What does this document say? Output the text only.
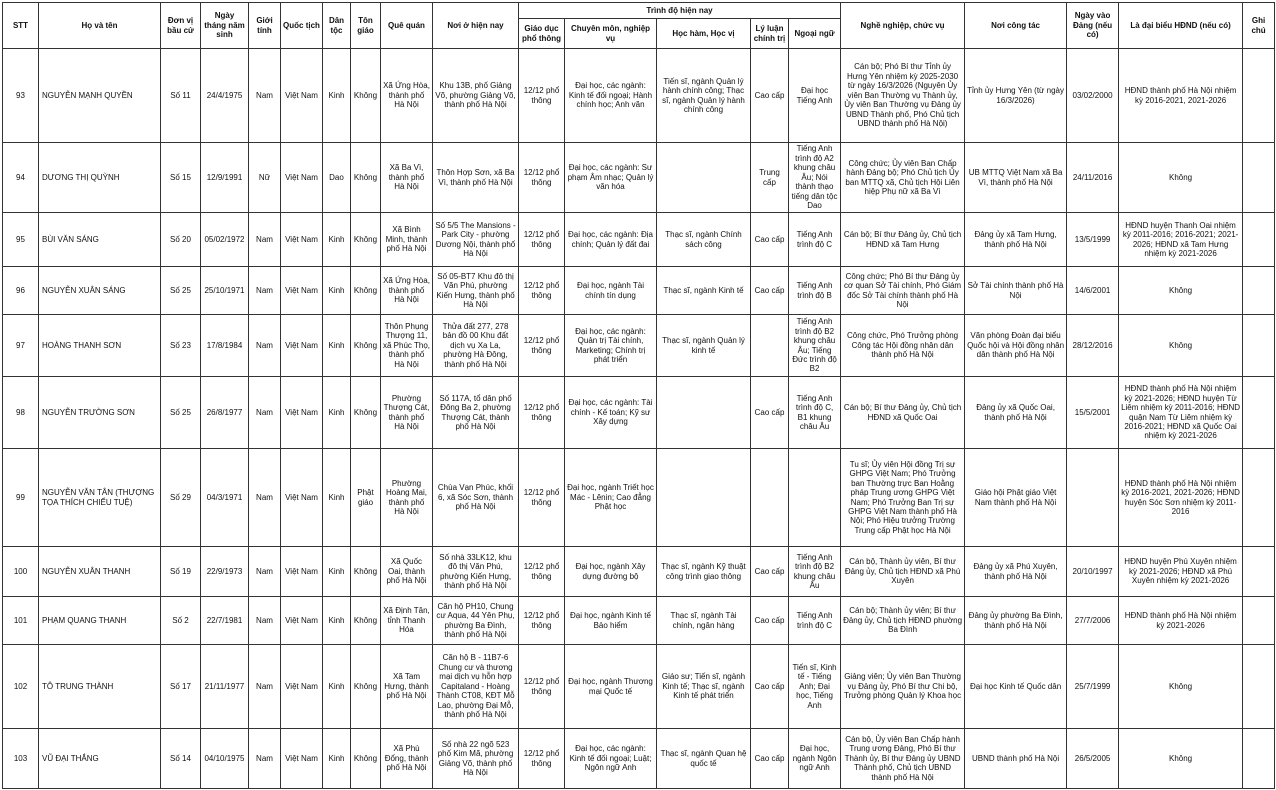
STT	Họ và tên	Đơn vị bầu cử	Ngày tháng năm sinh	Giới tính	Quốc tịch	Dân tộc	Tôn giáo	Quê quán	Nơi ở hiện nay	Trình độ hiện nay					Nghề nghiệp, chức vụ	Nơi công tác	Ngày vào Đảng (nếu có)	Là đại biểu HĐND (nếu có)	Ghi chú
										Giáo dục phổ thông	Chuyên môn, nghiệp vụ	Học hàm, Học vị	Lý luận chính trị	Ngoại ngữ					
93	NGUYỄN MẠNH QUYỀN	Số 11	24/4/1975	Nam	Việt Nam	Kinh	Không	Xã Ứng Hòa, thành phố Hà Nội	Khu 13B, phố Giảng Võ, phường Giảng Võ, thành phố Hà Nội	12/12 phổ thông	Đại học, các ngành: Kinh tế đối ngoại; Hành chính học; Anh văn	Tiến sĩ, ngành Quản lý hành chính công; Thạc sĩ, ngành Quản lý hành chính công	Cao cấp	Đại học Tiếng Anh	Cán bộ; Phó Bí thư Tỉnh ủy Hưng Yên nhiệm kỳ 2025-2030 từ ngày 16/3/2026 (Nguyên Ủy viên Ban Thường vụ Thành ủy, Ủy viên Ban Thường vụ Đảng ủy UBND Thành phố, Phó Chủ tịch UBND thành phố Hà Nội)	Tỉnh ủy Hưng Yên (từ ngày 16/3/2026)	03/02/2000	HĐND thành phố Hà Nội nhiệm kỳ 2016-2021, 2021-2026	
94	DƯƠNG THỊ QUỲNH	Số 15	12/9/1991	Nữ	Việt Nam	Dao	Không	Xã Ba Vì, thành phố Hà Nội	Thôn Hợp Sơn, xã Ba Vì, thành phố Hà Nội	12/12 phổ thông	Đại học, các ngành: Sư phạm Âm nhạc; Quản lý văn hóa		Trung cấp	Tiếng Anh trình độ A2 khung châu Âu; Nói thành thạo tiếng dân tộc Dao	Công chức; Ủy viên Ban Chấp hành Đảng bộ; Phó Chủ tịch Ủy ban MTTQ xã, Chủ tịch Hội Liên hiệp Phụ nữ xã Ba Vì	UB MTTQ Việt Nam xã Ba Vì, thành phố Hà Nội	24/11/2016	Không	
95	BÙI VĂN SÁNG	Số 20	05/02/1972	Nam	Việt Nam	Kinh	Không	Xã Bình Minh, thành phố Hà Nội	Số 5/5 The Mansions - Park City - phường Dương Nội, thành phố Hà Nội	12/12 phổ thông	Đại học, các ngành: Địa chính; Quản lý đất đai	Thạc sĩ, ngành Chính sách công	Cao cấp	Tiếng Anh trình độ C	Cán bộ; Bí thư Đảng ủy, Chủ tịch HĐND xã Tam Hưng	Đảng ủy xã Tam Hưng, thành phố Hà Nội	13/5/1999	HĐND huyện Thanh Oai nhiệm kỳ 2011-2016; 2016-2021; 2021-2026; HĐND xã Tam Hưng nhiệm kỳ 2021-2026	
96	NGUYỄN XUÂN SÁNG	Số 25	25/10/1971	Nam	Việt Nam	Kinh	Không	Xã Ứng Hòa, thành phố Hà Nội	Số 05-BT7 Khu đô thị Văn Phú, phường Kiến Hưng, thành phố Hà Nội	12/12 phổ thông	Đại học, ngành Tài chính tín dụng	Thạc sĩ, ngành Kinh tế	Cao cấp	Tiếng Anh trình độ B	Công chức; Phó Bí thư Đảng ủy cơ quan Sở Tài chính, Phó Giám đốc Sở Tài chính thành phố Hà Nội	Sở Tài chính thành phố Hà Nội	14/6/2001	Không	
97	HOÀNG THANH SƠN	Số 23	17/8/1984	Nam	Việt Nam	Kinh	Không	Thôn Phụng Thượng 11, xã Phúc Thọ, thành phố Hà Nội	Thửa đất 277, 278 bản đồ 00 Khu đất dịch vụ Xa La, phường Hà Đông, thành phố Hà Nội	12/12 phổ thông	Đại học, các ngành: Quản trị Tài chính, Marketing; Chính trị phát triển	Thạc sĩ, ngành Quản lý kinh tế		Tiếng Anh trình độ B2 khung châu Âu; Tiếng Đức trình độ B2	Công chức, Phó Trưởng phòng Công tác Hội đồng nhân dân thành phố Hà Nội	Văn phòng Đoàn đại biểu Quốc hội và Hội đồng nhân dân thành phố Hà Nội	28/12/2016	Không	
98	NGUYỄN TRƯỜNG SƠN	Số 25	26/8/1977	Nam	Việt Nam	Kinh	Không	Phường Thượng Cát, thành phố Hà Nội	Số 117A, tổ dân phố Đông Ba 2, phường Thượng Cát, thành phố Hà Nội	12/12 phổ thông	Đại học, các ngành: Tài chính - Kế toán; Kỹ sư Xây dựng		Cao cấp	Tiếng Anh trình độ C, B1 khung châu Âu	Cán bộ; Bí thư Đảng ủy, Chủ tịch HĐND xã Quốc Oai	Đảng ủy xã Quốc Oai, thành phố Hà Nội	15/5/2001	HĐND thành phố Hà Nội nhiệm kỳ 2021-2026; HĐND huyện Từ Liêm nhiệm kỳ 2011-2016; HĐND quận Nam Từ Liêm nhiệm kỳ 2016-2021; HĐND xã Quốc Oai nhiệm kỳ 2021-2026	
99	NGUYỄN VĂN TÂN (THƯỢNG TỌA THÍCH CHIẾU TUỆ)	Số 29	04/3/1971	Nam	Việt Nam	Kinh	Phật giáo	Phường Hoàng Mai, thành phố Hà Nội	Chùa Vạn Phúc, khối 6, xã Sóc Sơn, thành phố Hà Nội	12/12 phổ thông	Đại học, ngành Triết học Mác - Lênin; Cao đẳng Phật học				Tu sĩ; Ủy viên Hội đồng Trị sự GHPG Việt Nam; Phó Trưởng ban Thường trực Ban Hoằng pháp Trung ương GHPG Việt Nam; Phó Trưởng Ban Trị sự GHPG Việt Nam thành phố Hà Nội; Phó Hiệu trưởng Trường Trung cấp Phật học Hà Nội	Giáo hội Phật giáo Việt Nam thành phố Hà Nội		HĐND thành phố Hà Nội nhiệm kỳ 2016-2021, 2021-2026; HĐND huyện Sóc Sơn nhiệm kỳ 2011-2016	
100	NGUYỄN XUÂN THANH	Số 19	22/9/1973	Nam	Việt Nam	Kinh	Không	Xã Quốc Oai, thành phố Hà Nội	Số nhà 33LK12, khu đô thị Văn Phú, phường Kiến Hưng, thành phố Hà Nội	12/12 phổ thông	Đại học, ngành Xây dựng đường bộ	Thạc sĩ, ngành Kỹ thuật công trình giao thông	Cao cấp	Tiếng Anh trình độ B2 khung châu Âu	Cán bộ, Thành ủy viên, Bí thư Đảng ủy, Chủ tịch HĐND xã Phú Xuyên	Đảng ủy xã Phú Xuyên, thành phố Hà Nội	20/10/1997	HĐND huyện Phú Xuyên nhiệm kỳ 2021-2026; HĐND xã Phú Xuyên nhiệm kỳ 2021-2026	
101	PHẠM QUANG THANH	Số 2	22/7/1981	Nam	Việt Nam	Kinh	Không	Xã Định Tân, tỉnh Thanh Hóa	Căn hộ PH10, Chung cư Aqua, 44 Yên Phụ, phường Ba Đình, thành phố Hà Nội	12/12 phổ thông	Đại học, ngành Kinh tế Bảo hiểm	Thạc sĩ, ngành Tài chính, ngân hàng	Cao cấp	Tiếng Anh trình độ C	Cán bộ; Thành ủy viên; Bí thư Đảng ủy, Chủ tịch HĐND phường Ba Đình	Đảng ủy phường Ba Đình, thành phố Hà Nội	27/7/2006	HĐND thành phố Hà Nội nhiệm kỳ 2021-2026	
102	TÔ TRUNG THÀNH	Số 17	21/11/1977	Nam	Việt Nam	Kinh	Không	Xã Tam Hưng, thành phố Hà Nội	Căn hộ B - 11B7-6 Chung cư và thương mại dịch vụ hỗn hợp Capitaland - Hoàng Thành CT08, KĐT Mỗ Lao, phường Đại Mỗ, thành phố Hà Nội	12/12 phổ thông	Đại học, ngành Thương mại Quốc tế	Giáo sư; Tiến sĩ, ngành Kinh tế; Thạc sĩ, ngành Kinh tế phát triển	Cao cấp	Tiến sĩ, Kinh tế - Tiếng Anh; Đại học, Tiếng Anh	Giảng viên; Ủy viên Ban Thường vụ Đảng ủy, Phó Bí thư Chi bộ, Trưởng phòng Quản lý Khoa học	Đại học Kinh tế Quốc dân	25/7/1999	Không	
103	VŨ ĐẠI THẮNG	Số 14	04/10/1975	Nam	Việt Nam	Kinh	Không	Xã Phù Đổng, thành phố Hà Nội	Số nhà 22 ngõ 523 phố Kim Mã, phường Giảng Võ, thành phố Hà Nội	12/12 phổ thông	Đại học, các ngành: Kinh tế đối ngoại; Luật; Ngôn ngữ Anh	Thạc sĩ, ngành Quan hệ quốc tế	Cao cấp	Đại học, ngành Ngôn ngữ Anh	Cán bộ, Ủy viên Ban Chấp hành Trung ương Đảng, Phó Bí thư Thành ủy, Bí thư Đảng ủy UBND Thành phố, Chủ tịch UBND thành phố Hà Nội	UBND thành phố Hà Nội	26/5/2005	Không	
